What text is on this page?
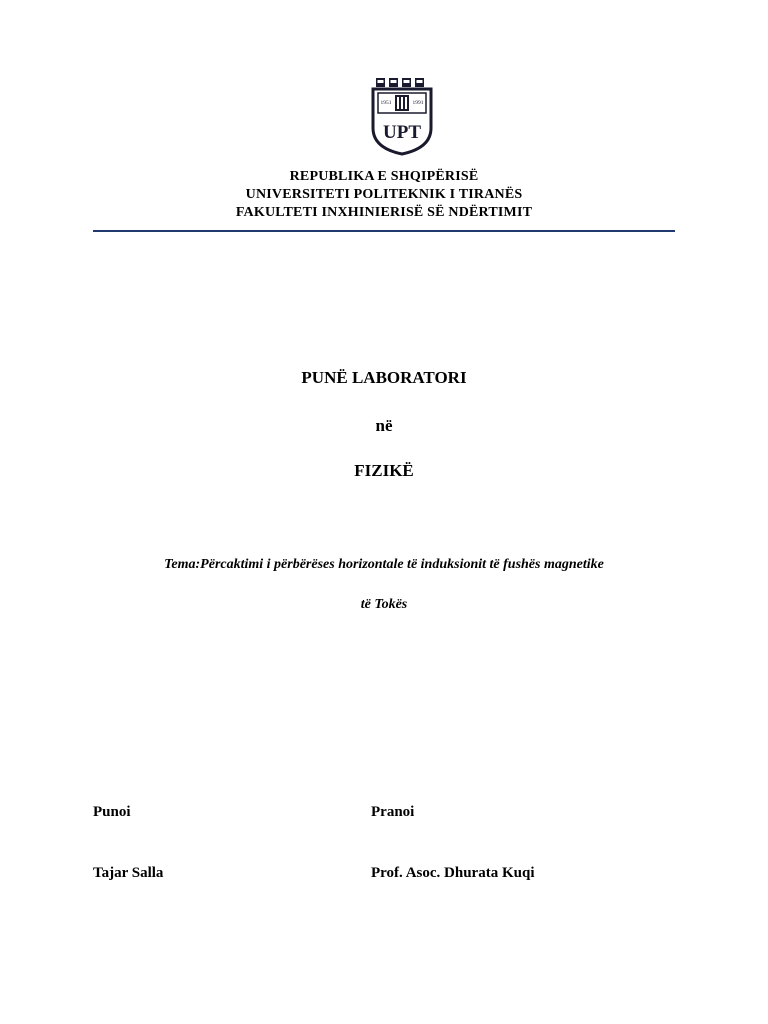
1951	1991
UPT
REPUBLIKA E SHQIPËRISË
UNIVERSITETI POLITEKNIK I TIRANËS
FAKULTETI INXHINIERISË SË NDËRTIMIT
PUNË LABORATORI
në
FIZIKË
Tema:Përcaktimi i përbërëses horizontale të induksionit të fushës magnetike
të Tokës
Punoi	Pranoi
Tajar Salla	Prof. Asoc. Dhurata Kuqi
